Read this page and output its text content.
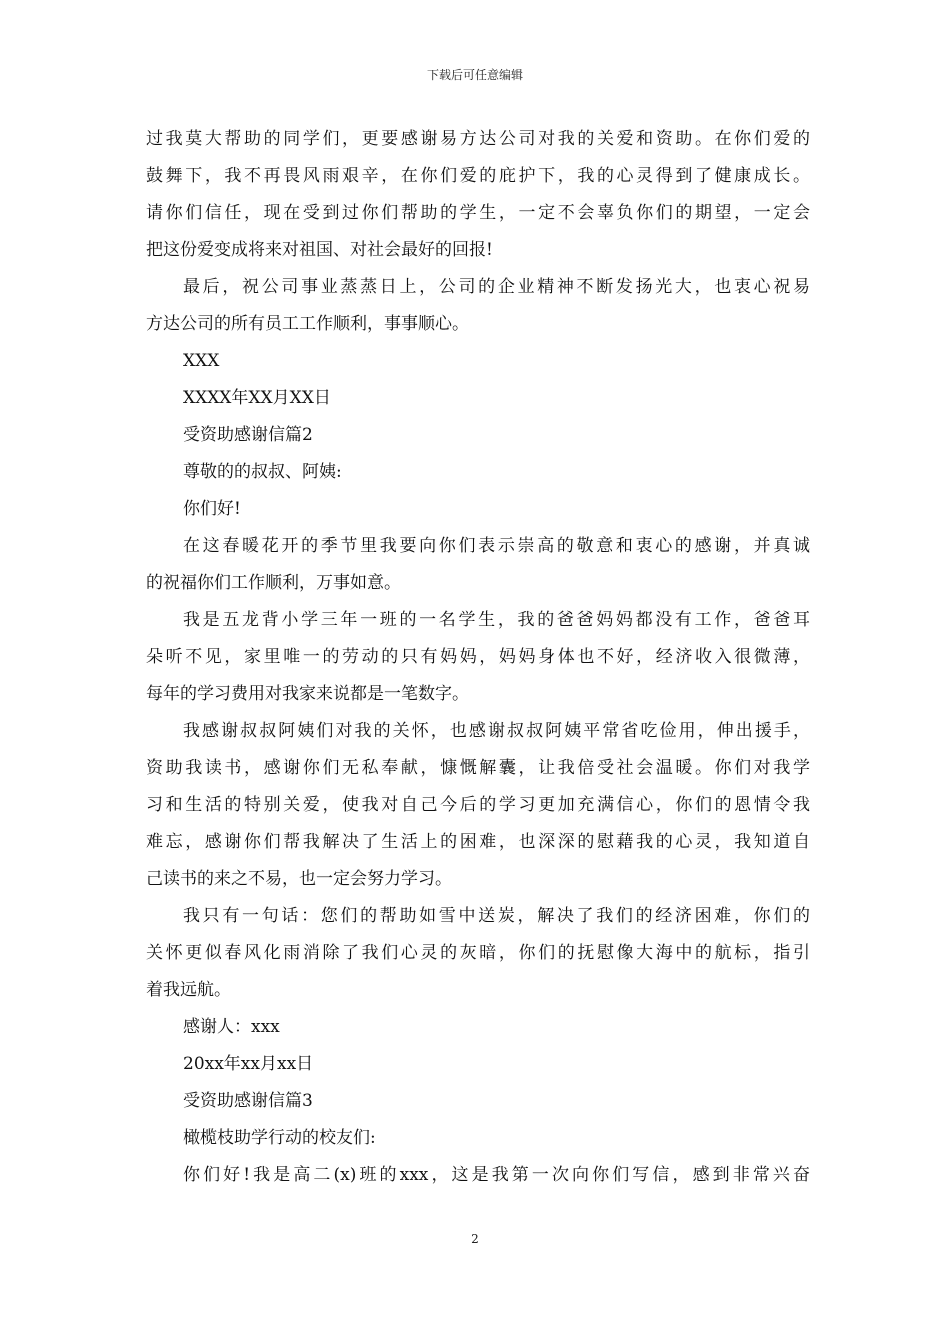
下载后可任意编辑
过我莫大帮助的同学们，更要感谢易方达公司对我的关爱和资助。在你们爱的
鼓舞下，我不再畏风雨艰辛，在你们爱的庇护下，我的心灵得到了健康成长。
请你们信任，现在受到过你们帮助的学生，一定不会辜负你们的期望，一定会
把这份爱变成将来对祖国、对社会最好的回报!
最后，祝公司事业蒸蒸日上，公司的企业精神不断发扬光大，也衷心祝易
方达公司的所有员工工作顺利，事事顺心。
XXX
XXXX年XX月XX日
受资助感谢信篇2
尊敬的的叔叔、阿姨:
你们好!
在这春暖花开的季节里我要向你们表示崇高的敬意和衷心的感谢，并真诚
的祝福你们工作顺利，万事如意。
我是五龙背小学三年一班的一名学生，我的爸爸妈妈都没有工作，爸爸耳
朵听不见，家里唯一的劳动的只有妈妈，妈妈身体也不好，经济收入很微薄，
每年的学习费用对我家来说都是一笔数字。
我感谢叔叔阿姨们对我的关怀，也感谢叔叔阿姨平常省吃俭用，伸出援手，
资助我读书，感谢你们无私奉献，慷慨解囊，让我倍受社会温暖。你们对我学
习和生活的特别关爱，使我对自己今后的学习更加充满信心，你们的恩情令我
难忘，感谢你们帮我解决了生活上的困难，也深深的慰藉我的心灵，我知道自
己读书的来之不易，也一定会努力学习。
我只有一句话：您们的帮助如雪中送炭，解决了我们的经济困难，你们的
关怀更似春风化雨消除了我们心灵的灰暗，你们的抚慰像大海中的航标，指引
着我远航。
感谢人：xxx
20xx年xx月xx日
受资助感谢信篇3
橄榄枝助学行动的校友们:
你们好!我是高二(x)班的xxx，这是我第一次向你们写信，感到非常兴奋
2
